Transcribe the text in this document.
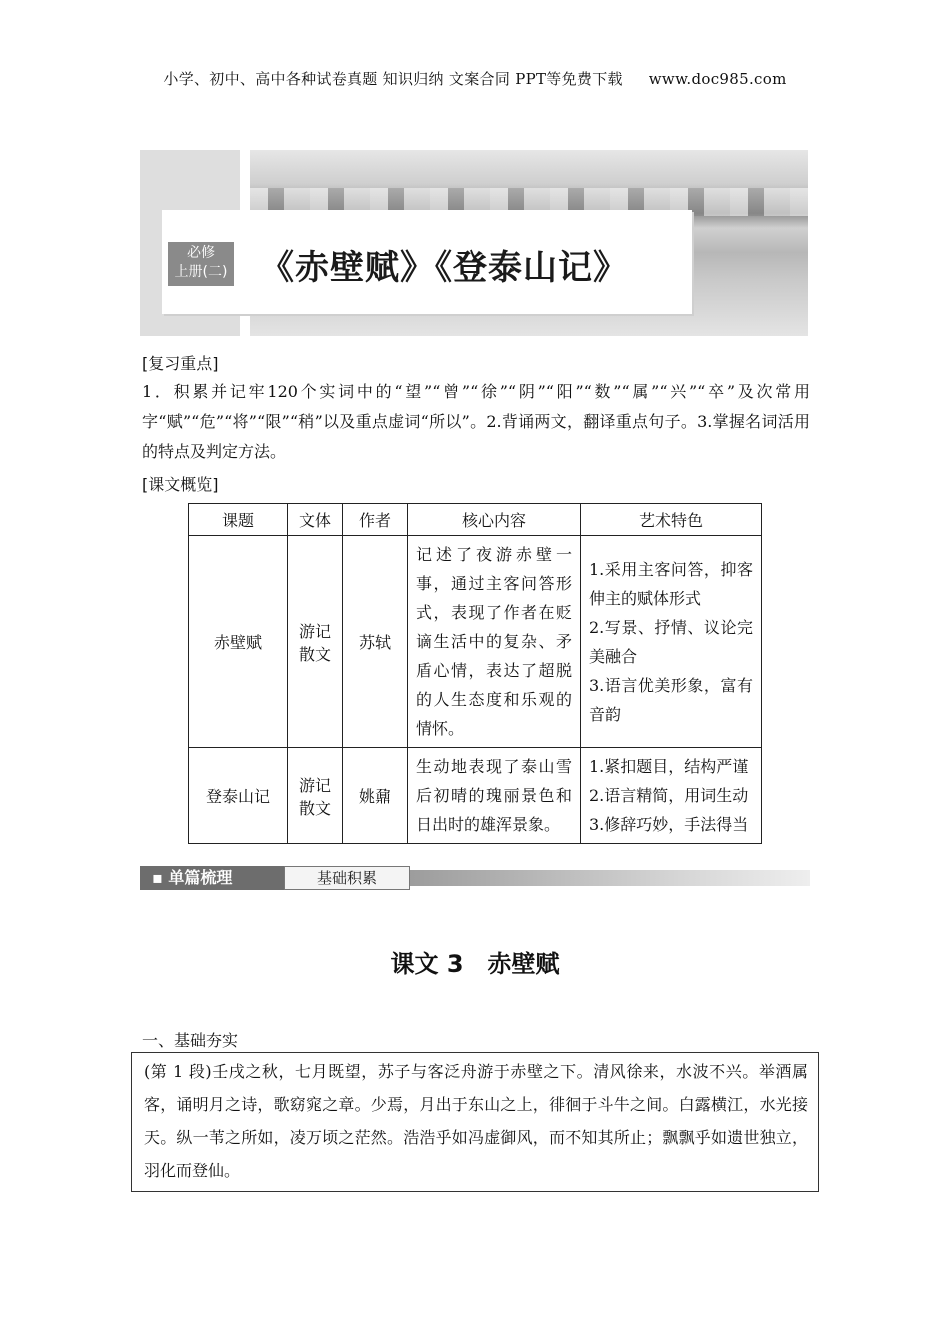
小学、初中、高中各种试卷真题 知识归纳 文案合同 PPT等免费下载 www.doc985.com
必修
上册(二) 《赤壁赋》《登泰山记》
[复习重点]
1．积累并记牢120个实词中的“望”“曾”“徐”“阴”“阳”“数”“属”“兴”“卒”及次常用字“赋”“危”“将”“限”“稍”以及重点虚词“所以”。2.背诵两文，翻译重点句子。3.掌握名词活用的特点及判定方法。
[课文概览]
课题	文体	作者	核心内容	艺术特色
赤壁赋	游记散文	苏轼	记述了夜游赤壁一事，通过主客问答形式，表现了作者在贬谪生活中的复杂、矛盾心情，表达了超脱的人生态度和乐观的情怀。	1.采用主客问答，抑客伸主的赋体形式
2.写景、抒情、议论完美融合
3.语言优美形象，富有音韵

登泰山记	游记散文	姚鼐	生动地表现了泰山雪后初晴的瑰丽景色和日出时的雄浑景象。	1.紧扣题目，结构严谨
2.语言精简，用词生动
3.修辞巧妙，手法得当
▪ 单篇梳理	基础积累
课文 3　赤壁赋
一、基础夯实
(第 1 段)壬戌之秋，七月既望，苏子与客泛舟游于赤壁之下。清风徐来，水波不兴。举酒属客，诵明月之诗，歌窈窕之章。少焉，月出于东山之上，徘徊于斗牛之间。白露横江，水光接天。纵一苇之所如，凌万顷之茫然。浩浩乎如冯虚御风，而不知其所止；飘飘乎如遗世独立，羽化而登仙。
